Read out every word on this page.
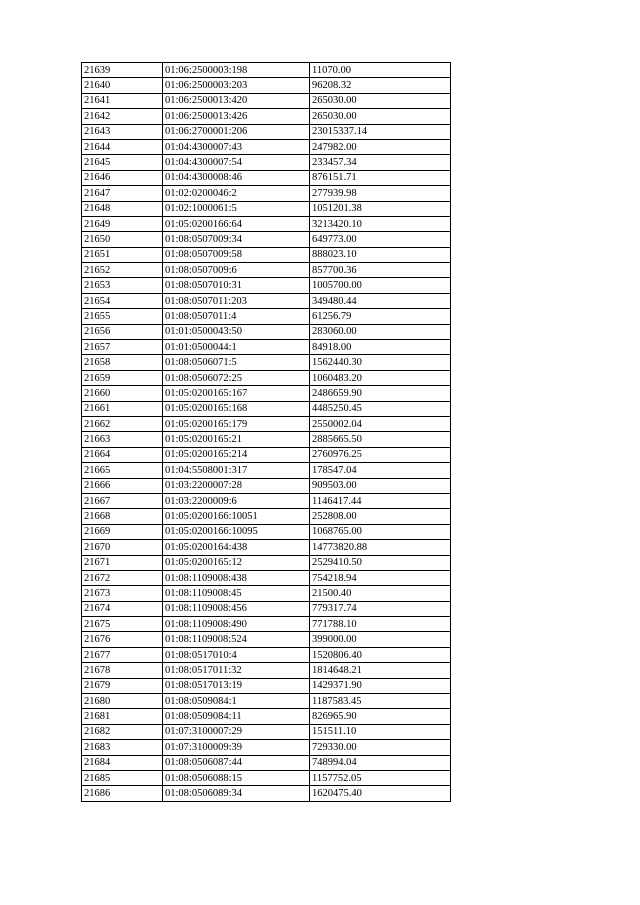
21639	01:06:2500003:198	11070.00
21640	01:06:2500003:203	96208.32
21641	01:06:2500013:420	265030.00
21642	01:06:2500013:426	265030.00
21643	01:06:2700001:206	23015337.14
21644	01:04:4300007:43	247982.00
21645	01:04:4300007:54	233457.34
21646	01:04:4300008:46	876151.71
21647	01:02:0200046:2	277939.98
21648	01:02:1000061:5	1051201.38
21649	01:05:0200166:64	3213420.10
21650	01:08:0507009:34	649773.00
21651	01:08:0507009:58	888023.10
21652	01:08:0507009:6	857700.36
21653	01:08:0507010:31	1005700.00
21654	01:08:0507011:203	349480.44
21655	01:08:0507011:4	61256.79
21656	01:01:0500043:50	283060.00
21657	01:01:0500044:1	84918.00
21658	01:08:0506071:5	1562440.30
21659	01:08:0506072:25	1060483.20
21660	01:05:0200165:167	2486659.90
21661	01:05:0200165:168	4485250.45
21662	01:05:0200165:179	2550002.04
21663	01:05:0200165:21	2885665.50
21664	01:05:0200165:214	2760976.25
21665	01:04:5508001:317	178547.04
21666	01:03:2200007:28	909503.00
21667	01:03:2200009:6	1146417.44
21668	01:05:0200166:10051	252808.00
21669	01:05:0200166:10095	1068765.00
21670	01:05:0200164:438	14773820.88
21671	01:05:0200165:12	2529410.50
21672	01:08:1109008:438	754218.94
21673	01:08:1109008:45	21500.40
21674	01:08:1109008:456	779317.74
21675	01:08:1109008:490	771788.10
21676	01:08:1109008:524	399000.00
21677	01:08:0517010:4	1520806.40
21678	01:08:0517011:32	1814648.21
21679	01:08:0517013:19	1429371.90
21680	01:08:0509084:1	1187583.45
21681	01:08:0509084:11	826965.90
21682	01:07:3100007:29	151511.10
21683	01:07:3100009:39	729330.00
21684	01:08:0506087:44	748994.04
21685	01:08:0506088:15	1157752.05
21686	01:08:0506089:34	1620475.40
